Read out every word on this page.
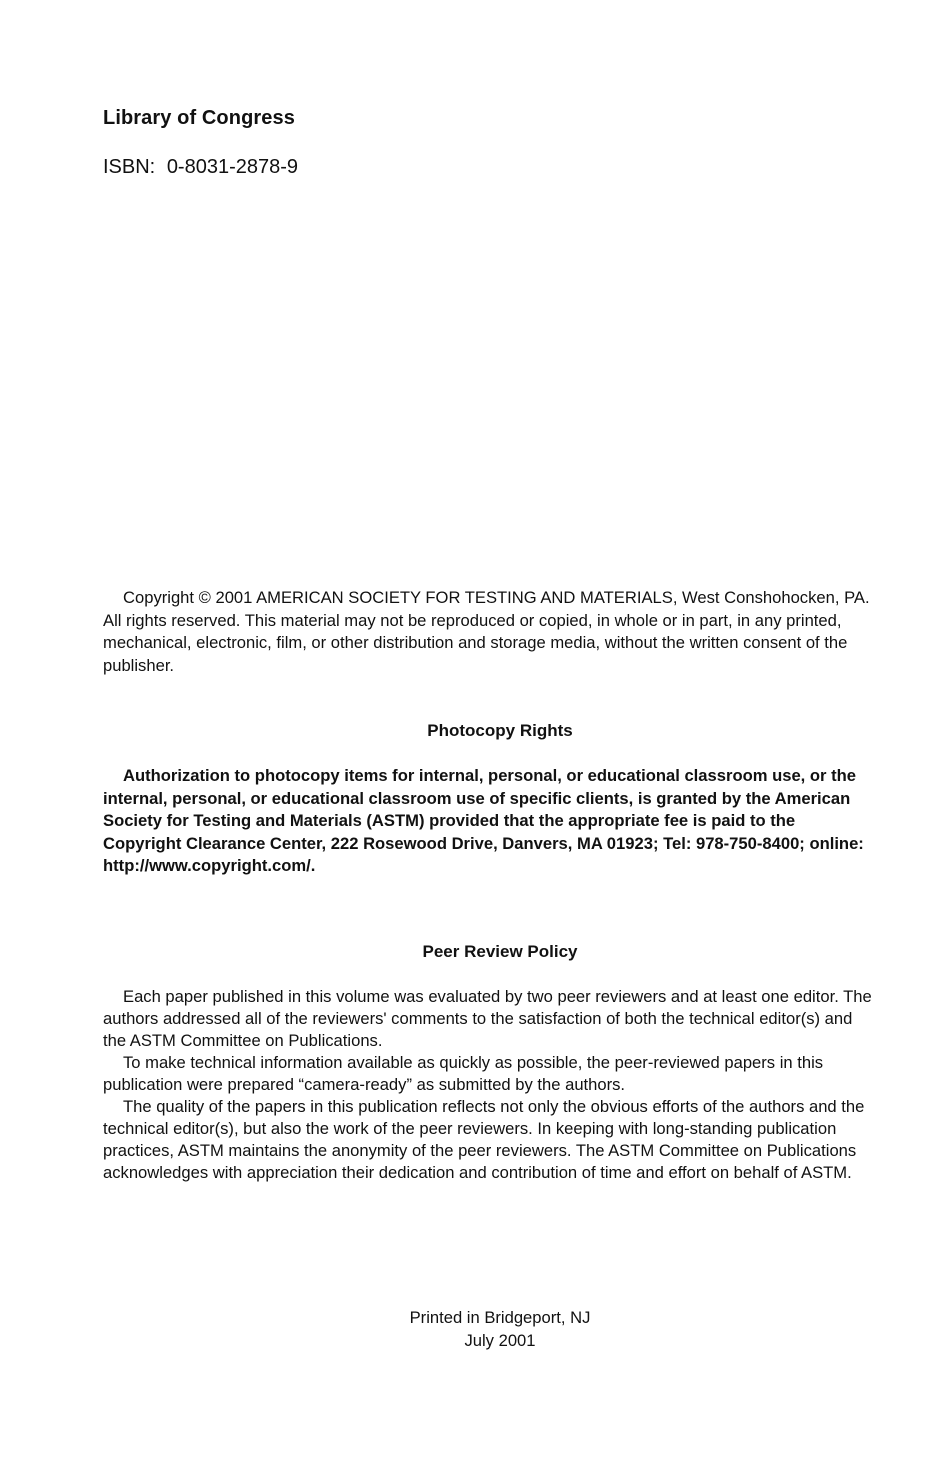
Library of Congress
ISBN: 0-8031-2878-9

Copyright © 2001 AMERICAN SOCIETY FOR TESTING AND MATERIALS, West Conshohocken, PA. All rights reserved. This material may not be reproduced or copied, in whole or in part, in any printed, mechanical, electronic, film, or other distribution and storage media, without the written consent of the publisher.

Photocopy Rights

Authorization to photocopy items for internal, personal, or educational classroom use, or the internal, personal, or educational classroom use of specific clients, is granted by the American Society for Testing and Materials (ASTM) provided that the appropriate fee is paid to the Copyright Clearance Center, 222 Rosewood Drive, Danvers, MA 01923; Tel: 978-750-8400; online: http://www.copyright.com/.

Peer Review Policy

Each paper published in this volume was evaluated by two peer reviewers and at least one editor. The authors addressed all of the reviewers' comments to the satisfaction of both the technical editor(s) and the ASTM Committee on Publications.

To make technical information available as quickly as possible, the peer-reviewed papers in this publication were prepared “camera-ready” as submitted by the authors.

The quality of the papers in this publication reflects not only the obvious efforts of the authors and the technical editor(s), but also the work of the peer reviewers. In keeping with long-standing publication practices, ASTM maintains the anonymity of the peer reviewers. The ASTM Committee on Publications acknowledges with appreciation their dedication and contribution of time and effort on behalf of ASTM.

Printed in Bridgeport, NJ
July 2001
